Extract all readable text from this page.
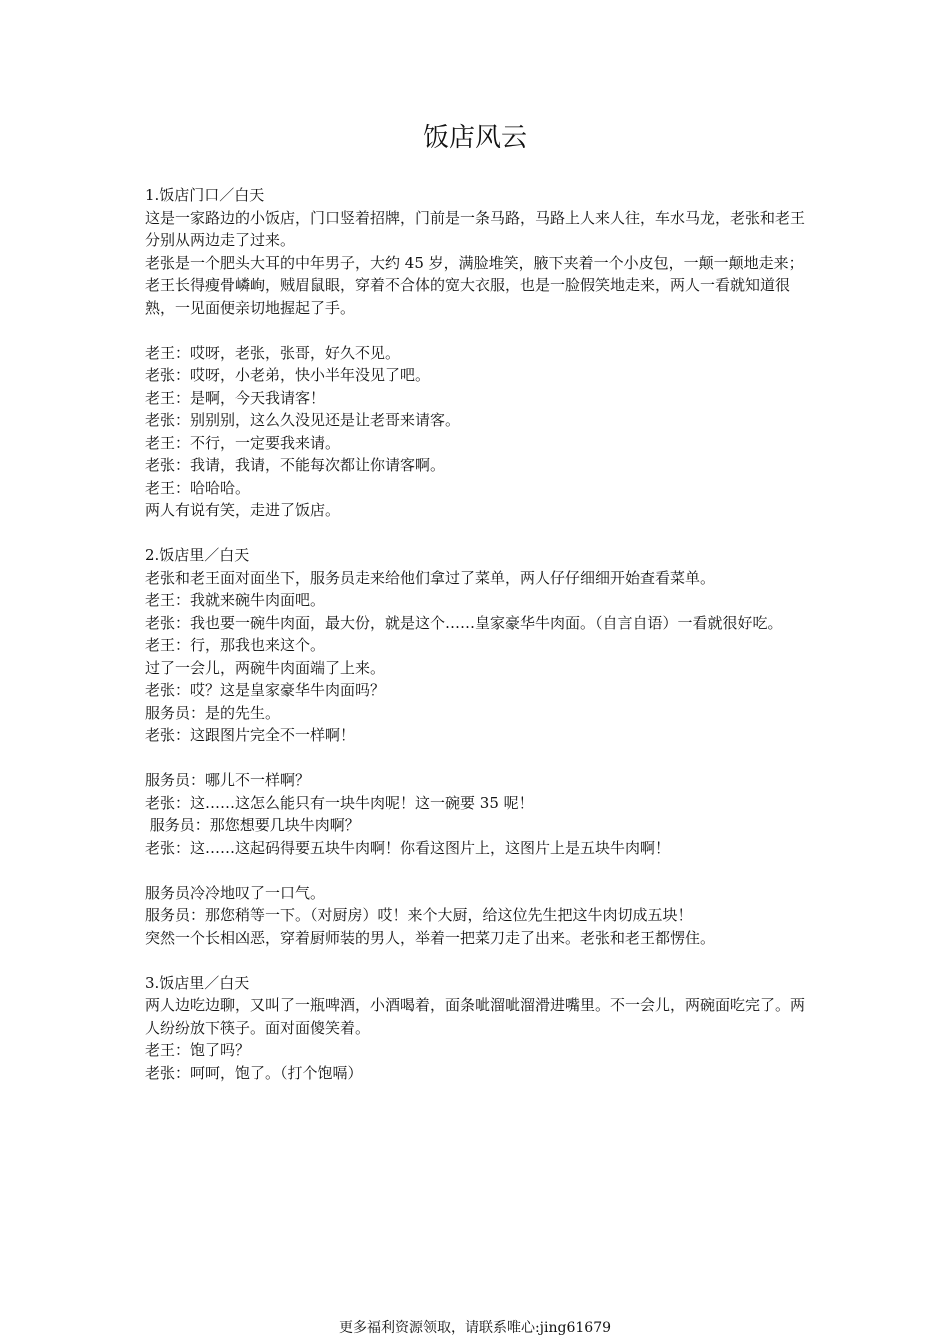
饭店风云

1.饭店门口／白天

这是一家路边的小饭店，门口竖着招牌，门前是一条马路，马路上人来人往，车水马龙，老张和老王分别从两边走了过来。

老张是一个肥头大耳的中年男子，大约 45 岁，满脸堆笑，腋下夹着一个小皮包，一颠一颠地走来；老王长得瘦骨嶙峋，贼眉鼠眼，穿着不合体的宽大衣服，也是一脸假笑地走来，两人一看就知道很熟，一见面便亲切地握起了手。

老王：哎呀，老张，张哥，好久不见。

老张：哎呀，小老弟，快小半年没见了吧。

老王：是啊，今天我请客！

老张：别别别，这么久没见还是让老哥来请客。

老王：不行，一定要我来请。

老张：我请，我请，不能每次都让你请客啊。

老王：哈哈哈。

两人有说有笑，走进了饭店。

2.饭店里／白天

老张和老王面对面坐下，服务员走来给他们拿过了菜单，两人仔仔细细开始查看菜单。

老王：我就来碗牛肉面吧。

老张：我也要一碗牛肉面，最大份，就是这个……皇家豪华牛肉面。（自言自语）一看就很好吃。

老王：行，那我也来这个。

过了一会儿，两碗牛肉面端了上来。

老张：哎？这是皇家豪华牛肉面吗？

服务员：是的先生。

老张：这跟图片完全不一样啊！

服务员：哪儿不一样啊？

老张：这……这怎么能只有一块牛肉呢！这一碗要 35 呢！

服务员：那您想要几块牛肉啊？

老张：这……这起码得要五块牛肉啊！你看这图片上，这图片上是五块牛肉啊！

服务员冷冷地叹了一口气。

服务员：那您稍等一下。（对厨房）哎！来个大厨，给这位先生把这牛肉切成五块！

突然一个长相凶恶，穿着厨师装的男人，举着一把菜刀走了出来。老张和老王都愣住。

3.饭店里／白天

两人边吃边聊，又叫了一瓶啤酒，小酒喝着，面条呲溜呲溜滑进嘴里。不一会儿，两碗面吃完了。两人纷纷放下筷子。面对面傻笑着。

老王：饱了吗？

老张：呵呵，饱了。（打个饱嗝）

更多福利资源领取，请联系唯心:jing61679
